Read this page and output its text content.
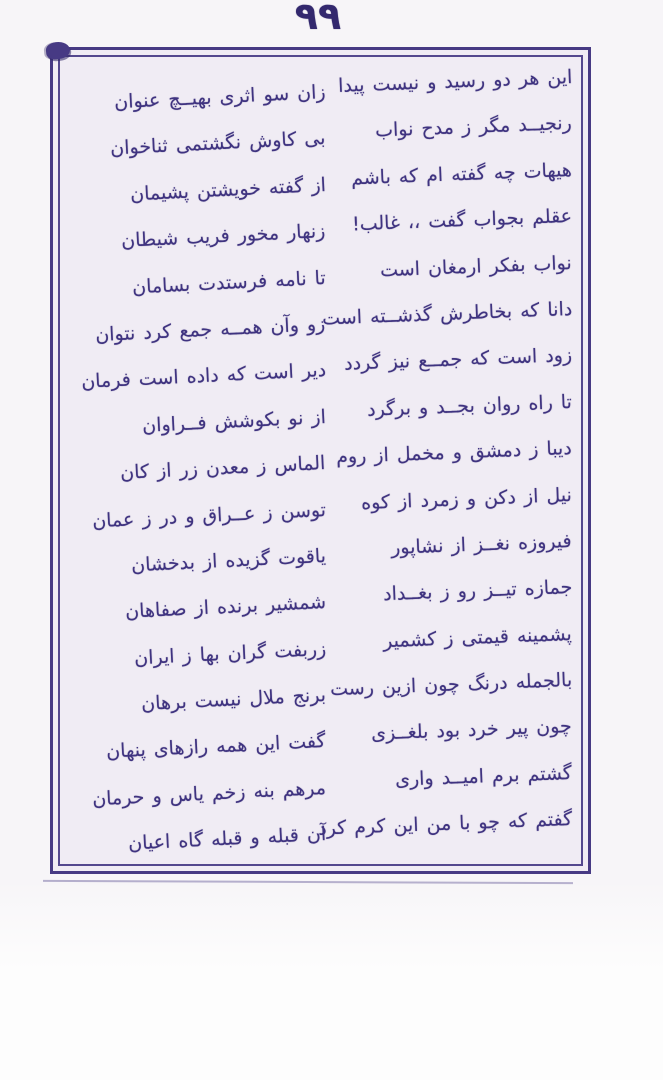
۹۹
این هر دو رسید و نیست پیدا
زان سو اثری بهیــچ عنوان
رنجیــد مگر ز مدح نواب
بی کاوش نگشتمی ثناخوان
هیهات چه گفته ام که باشم
از گفته خویشتن پشیمان
عقلم بجواب گفت ،، غالب!
زنهار مخور فریب شیطان
نواب بفکر ارمغان است
تا نامه فرستدت بسامان
دانا که بخاطرش گذشــته است
زو وآن همــه جمع کرد نتوان
زود است که جمــع نیز گردد
دیر است که داده است فرمان
تا راه روان بجــد و برگرد
از نو بکوشش فــراوان
دیبا ز دمشق و مخمل از روم
الماس ز معدن زر از کان
نیل از دکن و زمرد از کوه
توسن ز عــراق و در ز عمان
فیروزه نغــز از نشاپور
یاقوت گزیده از بدخشان
جمازه تیــز رو ز بغــداد
شمشیر برنده از صفاهان
پشمینه قیمتی ز کشمیر
زربفت گران بها ز ایران
بالجمله درنگ چون ازین رست
برنج ملال نیست برهان
چون پیر خرد بود بلغــزی
گفت این همه رازهای پنهان
گشتم برم امیــد واری
مرهم بنه زخم یاس و حرمان
گفتم که چو با من این کرم کرد
آن قبله و قبله گاه اعیان
